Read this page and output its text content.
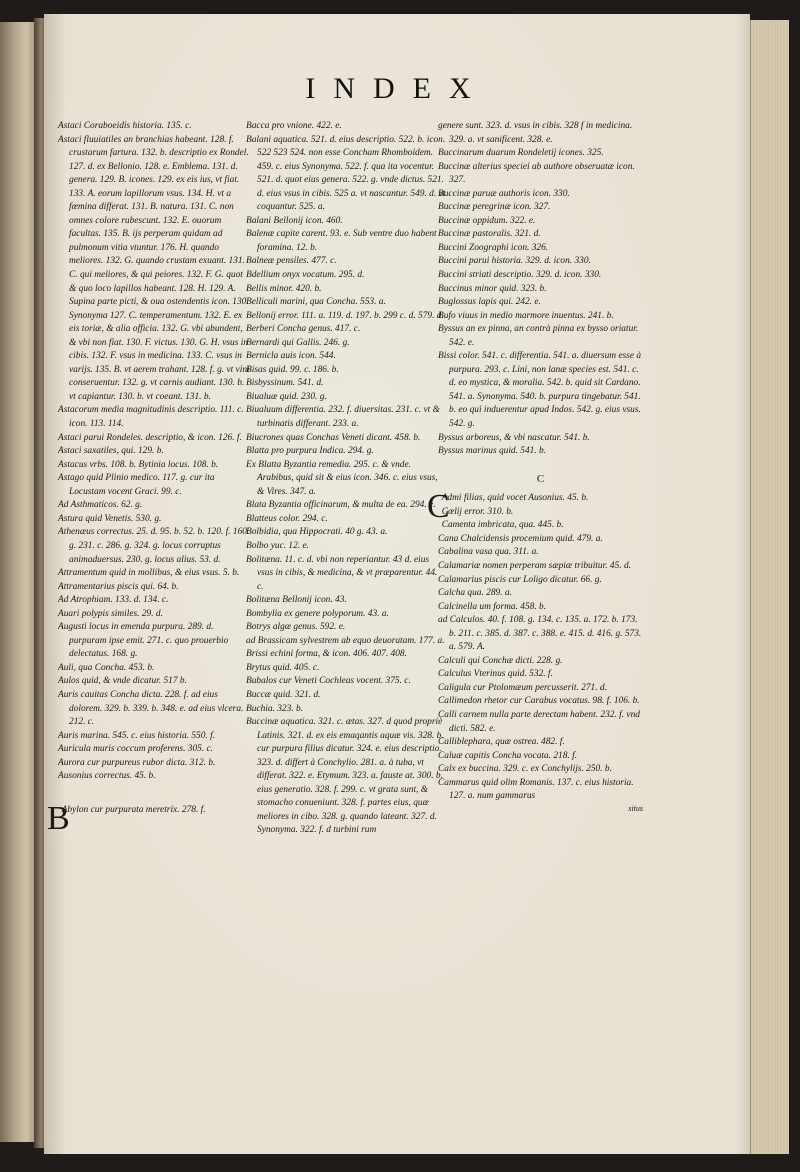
INDEX

Astaci Coraboeidis historia. 135. c.

Astaci fluuiatiles an branchias habeant. 128. f. crustarum fartura. 132. b. descriptio ex Rondel. 127. d. ex Bellonio. 128. e. Emblema. 131. d. genera. 129. B. icones. 129. ex eis ius, vt fiat. 133. A. eorum lapillorum vsus. 134. H. vt a fœmina differat. 131. B. natura. 131. C. non omnes colore rubescunt. 132. E. ouorum facultas. 135. B. ijs perperam quidam ad pulmonum vitia vtuntur. 176. H. quando meliores. 132. G. quando crustam exuant. 131. C. qui meliores, & qui peiores. 132. F. G. quot & quo loco lapillos habeant. 128. H. 129. A. Supina parte picti, & oua ostendentis icon. 130. Synonyma 127. C. temperamentum. 132. E. ex eis toriæ, & alia officia. 132. G. vbi abundent, & vbi non fiat. 130. F. victus. 130. G. H. vsus in cibis. 132. F. vsus in medicina. 133. C. vsus in varijs. 135. B. vt aerem trahant. 128. f. g. vt vini conseruentur. 132. g. vt carnis audiant. 130. b. vt capiantur. 130. b. vt coeant. 131. b.

Astacorum media magnitudinis descriptio. 111. c. icon. 113. 114.

Astaci parui Rondeles. descriptio, & icon. 126. f.

Astaci saxatiles, qui. 129. b.

Astacus vrbs. 108. b. Bytinia locus. 108. b.

Astago quid Plinio medico. 117. g. cur ita Locustam vocent Graci. 99. c.

Ad Asthmaticos. 62. g.

Astura quid Venetis. 530. g.

Athenæus correctus. 25. d. 95. b. 52. b. 120. f. 160. g. 231. c. 286. g. 324. g. locus corruptus animaduersus. 230. g. locus alius. 53. d.

Attramentum quid in mollibus, & eius vsus. 5. b.

Attramentarius piscis qui. 64. b.

Ad Atrophiam. 133. d. 134. c.

Auari polypis similes. 29. d.

Augusti locus in emenda purpura. 289. d. purpuram ipse emit. 271. c. quo prouerbio delectatus. 168. g.

Auli, qua Concha. 453. b.

Aulos quid, & vnde dicatur. 517 b.

Auris cauitas Concha dicta. 228. f. ad eius dolorem. 329. b. 339. b. 348. e. ad eius vlcera. 212. c.

Auris marina. 545. c. eius historia. 550. f.

Auricula muris coccum proferens. 305. c.

Aurora cur purpureus rubor dicta. 312. b.

Ausonius correctus. 45. b.

B
Abylon cur purpurata meretrix. 278. f.

Bacca pro vnione. 422. e.

Balani aquatica. 521. d. eius descriptio. 522. b. icon. 522 523 524. non esse Concham Rhomboidem. 459. c. eius Synonyma. 522. f. qua ita vocentur. 521. d. quot eius genera. 522. g. vnde dictus. 521. d. eius vsus in cibis. 525 a. vt nascantur. 549. d. vt coquantur. 525. a.

Balani Bellonij icon. 460.

Balenæ capite carent. 93. e. Sub ventre duo habent foramina. 12. b.

Balneæ pensiles. 477. c.

Bdellium onyx vocatum. 295. d.

Bellis minor. 420. b.

Belliculi marini, qua Concha. 553. a.

Bellonij error. 111. a. 119. d. 197. b. 299 c. d. 579. d.

Berberi Concha genus. 417. c.

Bernardi qui Gallis. 246. g.

Bernicla auis icon. 544.

Bisas quid. 99. c. 186. b.

Bisbyssinum. 541. d.

Biualuæ quid. 230. g.

Biualuum differentia. 232. f. diuersitas. 231. c. vt & turbinatis differant. 233. a.

Biucrones quas Conchas Veneti dicant. 458. b.

Blatta pro purpura Indica. 294. g.

Ex Blatta Byzantia remedia. 295. c. & vnde. Arabibus, quid sit & eius icon. 346. c. eius vsus, & Vires. 347. a.

Blata Byzantia officinarum, & multa de ea. 294. e.

Blatteus color. 294. c.

Bolbidia, qua Hippocrati. 40 g. 43. a.

Bolbo yuc. 12. e.

Bolitæna. 11. c. d. vbi non reperiantur. 43 d. eius vsus in cibis, & medicina, & vt præparentur. 44. c.

Bolitæna Bellonij icon. 43.

Bombylia ex genere polyporum. 43. a.

Botrys algæ genus. 592. e.

ad Brassicam sylvestrem ab equo deuoratam. 177. a.

Brissi echini forma, & icon. 406. 407. 408.

Brytus quid. 405. c.

Bubalos cur Veneti Cochleas vocent. 375. c.

Buccæ quid. 321. d.

Buchia. 323. b.

Buccinæ aquatica. 321. c. ætas. 327. d quod propriè Latinis. 321. d. ex eis emaqantis aquæ vis. 328. b. cur purpura filius dicatur. 324. e. eius descriptio. 323. d. differt à Conchylio. 281. a. à tuba, vt differat. 322. e. Etymum. 323. a. fauste at. 300. b. eius generatio. 328. f. 299. c. vt grata sunt, & stomacho conueniunt. 328. f. partes eius, quæ meliores in cibo. 328. g. quando lateant. 327. d. Synonyma. 322. f. d turbini rum

genere sunt. 323. d. vsus in cibis. 328 f in medicina. 329. a. vt sanificent. 328. e.

Buccinarum duarum Rondeletij icones. 325.

Buccinæ alterius speciei ab authore obseruatæ icon. 327.

Buccinæ paruæ authoris icon. 330.

Buccinæ peregrinæ icon. 327.

Buccinæ oppidum. 322. e.

Buccinæ pastoralis. 321. d.

Buccini Zoographi icon. 326.

Buccini parui historia. 329. d. icon. 330.

Buccini striati descriptio. 329. d. icon. 330.

Buccinus minor quid. 323. b.

Buglossus lapis qui. 242. e.

Bufo viuus in medio marmore inuentus. 241. b.

Byssus an ex pinna, an contrà pinna ex bysso oriatur. 542. e.

Bissi color. 541. c. differentia. 541. a. diuersum esse à purpura. 293. c. Lini, non lanæ species est. 541. c. d. eo mystica, & moralia. 542. b. quid sit Cardano. 541. a. Synonyma. 540. b. purpura tingebatur. 541. b. eo qui induerentur apud Indos. 542. g. eius vsus. 542. g.

Byssus arboreus, & vbi nascatur. 541. b.

Byssus marinus quid. 541. b.

C

C
Admi filias, quid vocet Ausonius. 45. b.

Cœlij error. 310. b.

Camenta imbricata, qua. 445. b.

Cana Chalcidensis procemium quid. 479. a.

Cabalina vasa qua. 311. a.

Calamariæ nomen perperam sæpiæ tribuitur. 45. d.

Calamarius piscis cur Loligo dicatur. 66. g.

Calcha qua. 289. a.

Calcinella um forma. 458. b.

ad Calculos. 40. f. 108. g. 134. c. 135. a. 172. b. 173. b. 211. c. 385. d. 387. c. 388. e. 415. d. 416. g. 573. a. 579. A.

Calculi qui Conchæ dicti. 228. g.

Calculus Vterinus quid. 532. f.

Caligula cur Ptolomæum percusserit. 271. d.

Callimedon rhetor cur Carabus vocatus. 98. f. 106. b.

Calli carnem nulla parte derectam habent. 232. f. vnd dicti. 582. e.

Calliblephara, quæ ostrea. 482. f.

Caluæ capitis Concha vocata. 218. f.

Calx ex buccina. 329. c. ex Conchylijs. 250. b.

Cammarus quid olim Romanis. 137. c. eius historia. 127. a. num gammarus

situs
